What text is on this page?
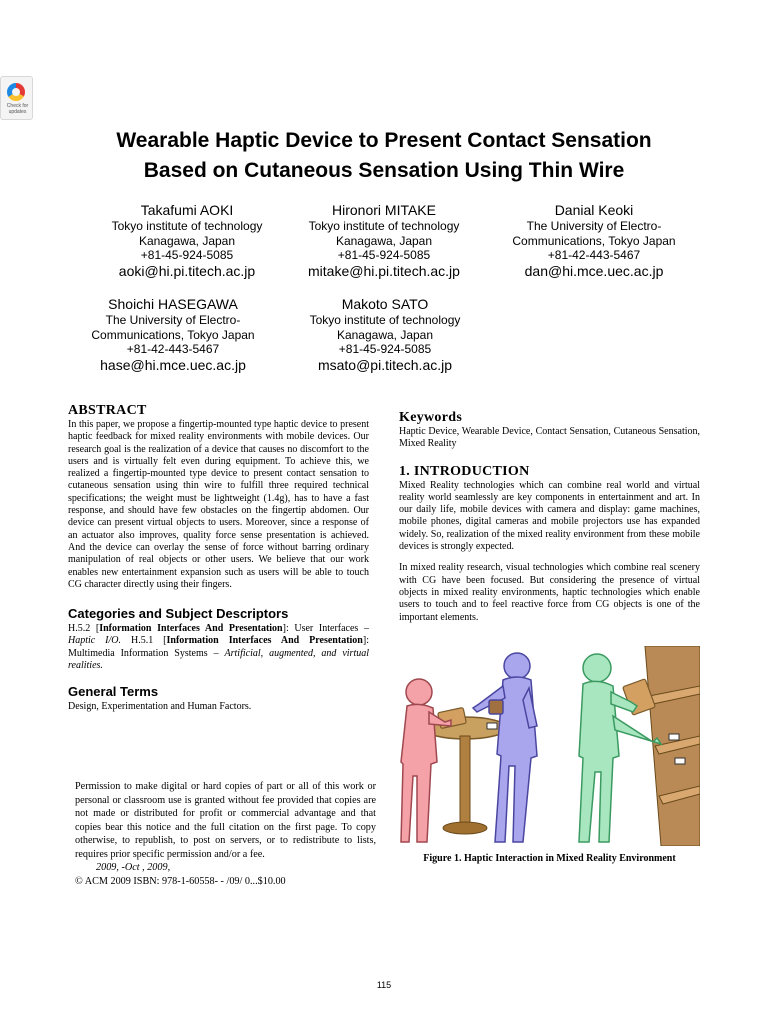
Check for updates
Wearable Haptic Device to Present Contact Sensation
Based on Cutaneous Sensation Using Thin Wire
Takafumi AOKI
Tokyo institute of technology
Kanagawa, Japan
+81-45-924-5085
aoki@hi.pi.titech.ac.jp
Hironori MITAKE
Tokyo institute of technology
Kanagawa, Japan
+81-45-924-5085
mitake@hi.pi.titech.ac.jp
Danial Keoki
The University of Electro-
Communications, Tokyo Japan
+81-42-443-5467
dan@hi.mce.uec.ac.jp
Shoichi HASEGAWA
The University of Electro-
Communications, Tokyo Japan
+81-42-443-5467
hase@hi.mce.uec.ac.jp
Makoto SATO
Tokyo institute of technology
Kanagawa, Japan
+81-45-924-5085
msato@pi.titech.ac.jp
ABSTRACT
In this paper, we propose a fingertip-mounted type haptic device to present haptic feedback for mixed reality environments with mobile devices. Our research goal is the realization of a device that causes no discomfort to the users and is virtually felt even during equipment. To achieve this, we realized a fingertip-mounted type device to present contact sensation to cutaneous sensation using thin wire to fulfill three required technical specifications; the weight must be lightweight (1.4g), has to have a fast response, and should have few obstacles on the fingertip abdomen. Our device can present virtual objects to users. Moreover, since a response of an actuator also improves, quality force sense presentation is achieved. And the device can overlay the sense of force without barring ordinary manipulation of real objects or other users. We believe that our work enables new entertainment expansion such as users will be able to touch CG character directly using their fingers.
Categories and Subject Descriptors
H.5.2 [Information Interfaces And Presentation]: User Interfaces – Haptic I/O. H.5.1 [Information Interfaces And Presentation]: Multimedia Information Systems – Artificial, augmented, and virtual realities.
General Terms
Design, Experimentation and Human Factors.
Permission to make digital or hard copies of part or all of this work or personal or classroom use is granted without fee provided that copies are not made or distributed for profit or commercial advantage and that copies bear this notice and the full citation on the first page. To copy otherwise, to republish, to post on servers, or to redistribute to lists, requires prior specific permission and/or a fee.
2009, -Oct , 2009,
© ACM 2009 ISBN: 978-1-60558- - /09/ 0...$10.00
Keywords
Haptic Device, Wearable Device, Contact Sensation, Cutaneous Sensation, Mixed Reality
1. INTRODUCTION

Mixed Reality technologies which can combine real world and virtual reality world seamlessly are key components in entertainment and art. In our daily life, mobile devices with camera and display: game machines, mobile phones, digital cameras and mobile projectors use has expanded widely. So, realization of the mixed reality environment from these mobile devices is strongly expected.

In mixed reality research, visual technologies which combine real scenery with CG have been focused. But considering the presence of virtual objects in mixed reality environments, haptic technologies which enable users to touch and to feel reactive force from CG objects is one of the important elements.

Figure 1. Haptic Interaction in Mixed Reality Environment
115
